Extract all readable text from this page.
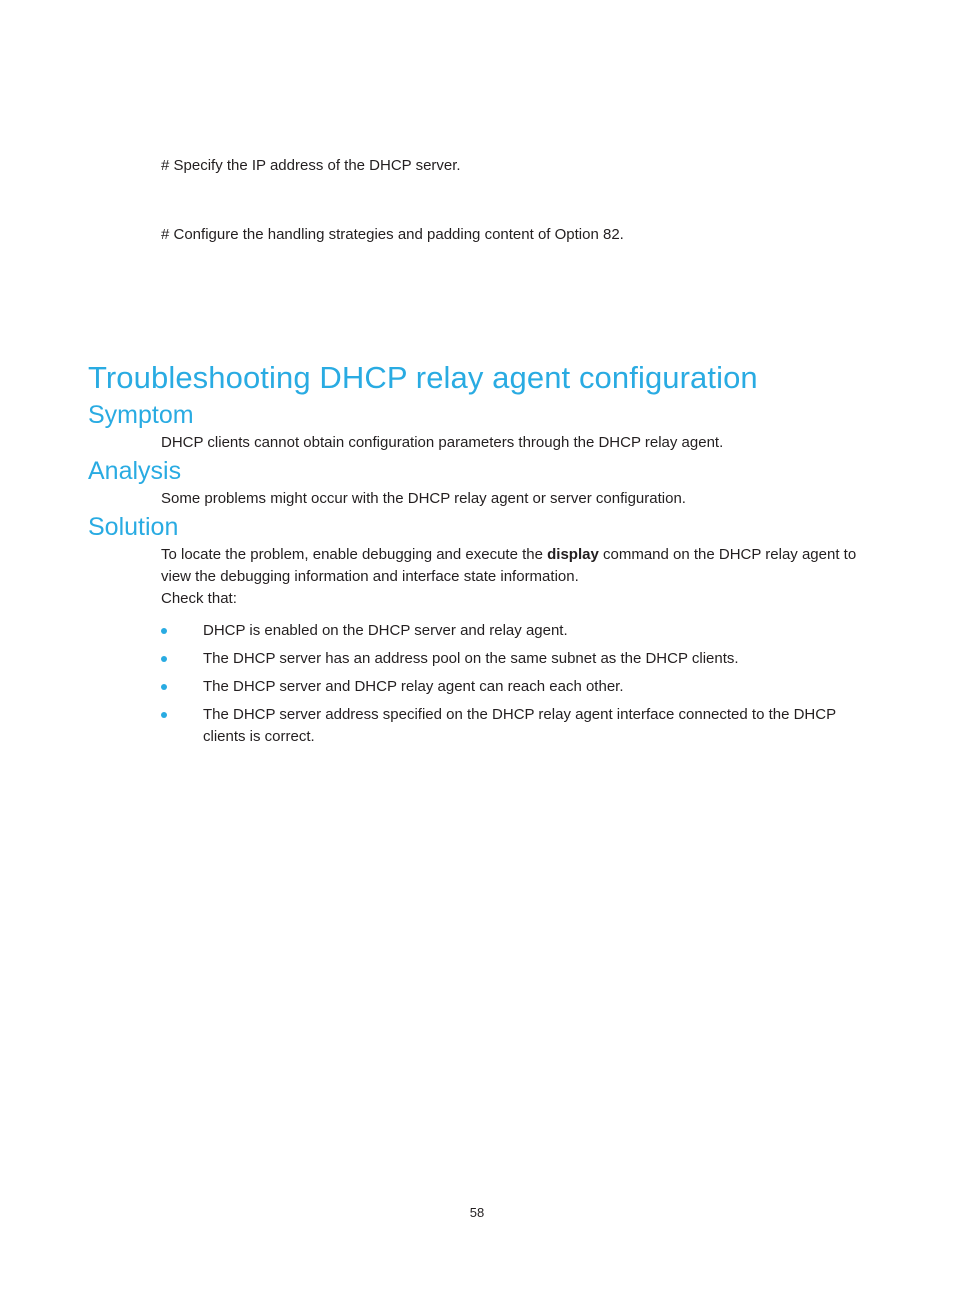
# Specify the IP address of the DHCP server.

# Configure the handling strategies and padding content of Option 82.

Troubleshooting DHCP relay agent configuration
Symptom

DHCP clients cannot obtain configuration parameters through the DHCP relay agent.

Analysis

Some problems might occur with the DHCP relay agent or server configuration.

Solution

To locate the problem, enable debugging and execute the display command on the DHCP relay agent to view the debugging information and interface state information.

Check that:

DHCP is enabled on the DHCP server and relay agent.
The DHCP server has an address pool on the same subnet as the DHCP clients.
The DHCP server and DHCP relay agent can reach each other.
The DHCP server address specified on the DHCP relay agent interface connected to the DHCP clients is correct.
58
